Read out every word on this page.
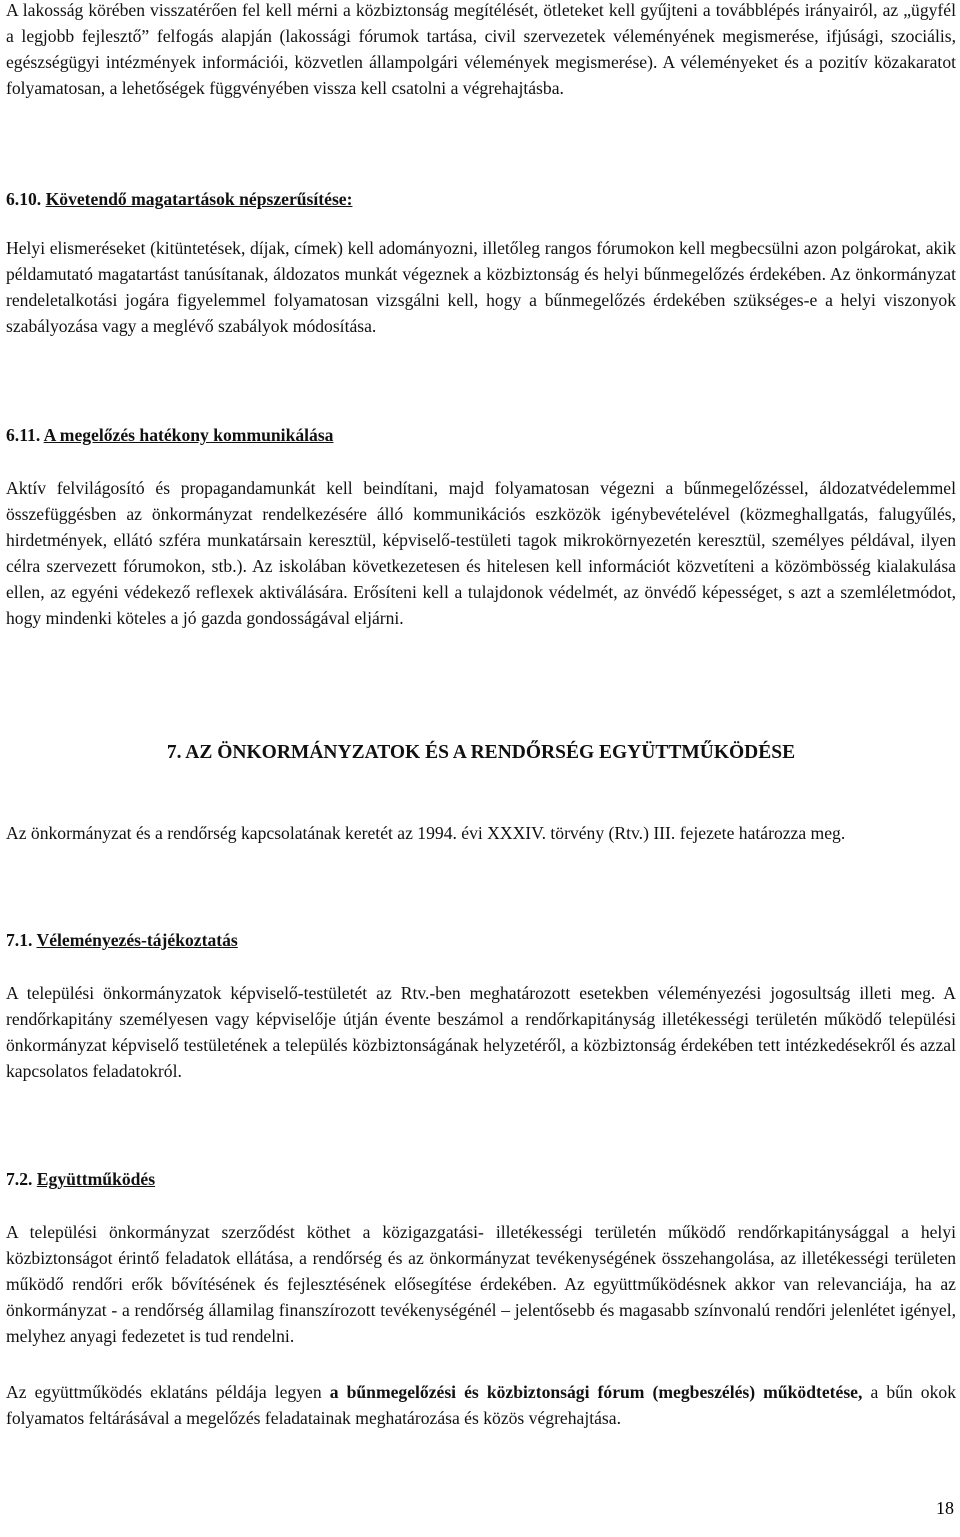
A lakosság körében visszatérően fel kell mérni a közbiztonság megítélését, ötleteket kell gyűjteni a továbblépés irányairól, az „ügyfél a legjobb fejlesztő” felfogás alapján (lakossági fórumok tartása, civil szervezetek véleményének megismerése, ifjúsági, szociális, egészségügyi intézmények információi, közvetlen állampolgári vélemények megismerése). A véleményeket és a pozitív közakaratot folyamatosan, a lehetőségek függvényében vissza kell csatolni a végrehajtásba.

6.10. Követendő magatartások népszerűsítése:

Helyi elismeréseket (kitüntetések, díjak, címek) kell adományozni, illetőleg rangos fórumokon kell megbecsülni azon polgárokat, akik példamutató magatartást tanúsítanak, áldozatos munkát végeznek a közbiztonság és helyi bűnmegelőzés érdekében. Az önkormányzat rendeletalkotási jogára figyelemmel folyamatosan vizsgálni kell, hogy a bűnmegelőzés érdekében szükséges-e a helyi viszonyok szabályozása vagy a meglévő szabályok módosítása.

6.11. A megelőzés hatékony kommunikálása

Aktív felvilágosító és propagandamunkát kell beindítani, majd folyamatosan végezni a bűnmegelőzéssel, áldozatvédelemmel összefüggésben az önkormányzat rendelkezésére álló kommunikációs eszközök igénybevételével (közmeghallgatás, falugyűlés, hirdetmények, ellátó szféra munkatársain keresztül, képviselő-testületi tagok mikrokörnyezetén keresztül, személyes példával, ilyen célra szervezett fórumokon, stb.). Az iskolában következetesen és hitelesen kell információt közvetíteni a közömbösség kialakulása ellen, az egyéni védekező reflexek aktiválására. Erősíteni kell a tulajdonok védelmét, az önvédő képességet, s azt a szemléletmódot, hogy mindenki köteles a jó gazda gondosságával eljárni.

7. AZ ÖNKORMÁNYZATOK ÉS A RENDŐRSÉG EGYÜTTMŰKÖDÉSE

Az önkormányzat és a rendőrség kapcsolatának keretét az 1994. évi XXXIV. törvény (Rtv.) III. fejezete határozza meg.

7.1. Véleményezés-tájékoztatás

A települési önkormányzatok képviselő-testületét az Rtv.-ben meghatározott esetekben véleményezési jogosultság illeti meg. A rendőrkapitány személyesen vagy képviselője útján évente beszámol a rendőrkapitányság illetékességi területén működő települési önkormányzat képviselő testületének a település közbiztonságának helyzetéről, a közbiztonság érdekében tett intézkedésekről és azzal kapcsolatos feladatokról.

7.2. Együttműködés

A települési önkormányzat szerződést köthet a közigazgatási- illetékességi területén működő rendőrkapitánysággal a helyi közbiztonságot érintő feladatok ellátása, a rendőrség és az önkormányzat tevékenységének összehangolása, az illetékességi területen működő rendőri erők bővítésének és fejlesztésének elősegítése érdekében. Az együttműködésnek akkor van relevanciája, ha az önkormányzat - a rendőrség államilag finanszírozott tevékenységénél – jelentősebb és magasabb színvonalú rendőri jelenlétet igényel, melyhez anyagi fedezetet is tud rendelni.

Az együttműködés eklatáns példája legyen a bűnmegelőzési és közbiztonsági fórum (megbeszélés) működtetése, a bűn okok folyamatos feltárásával a megelőzés feladatainak meghatározása és közös végrehajtása.

18
